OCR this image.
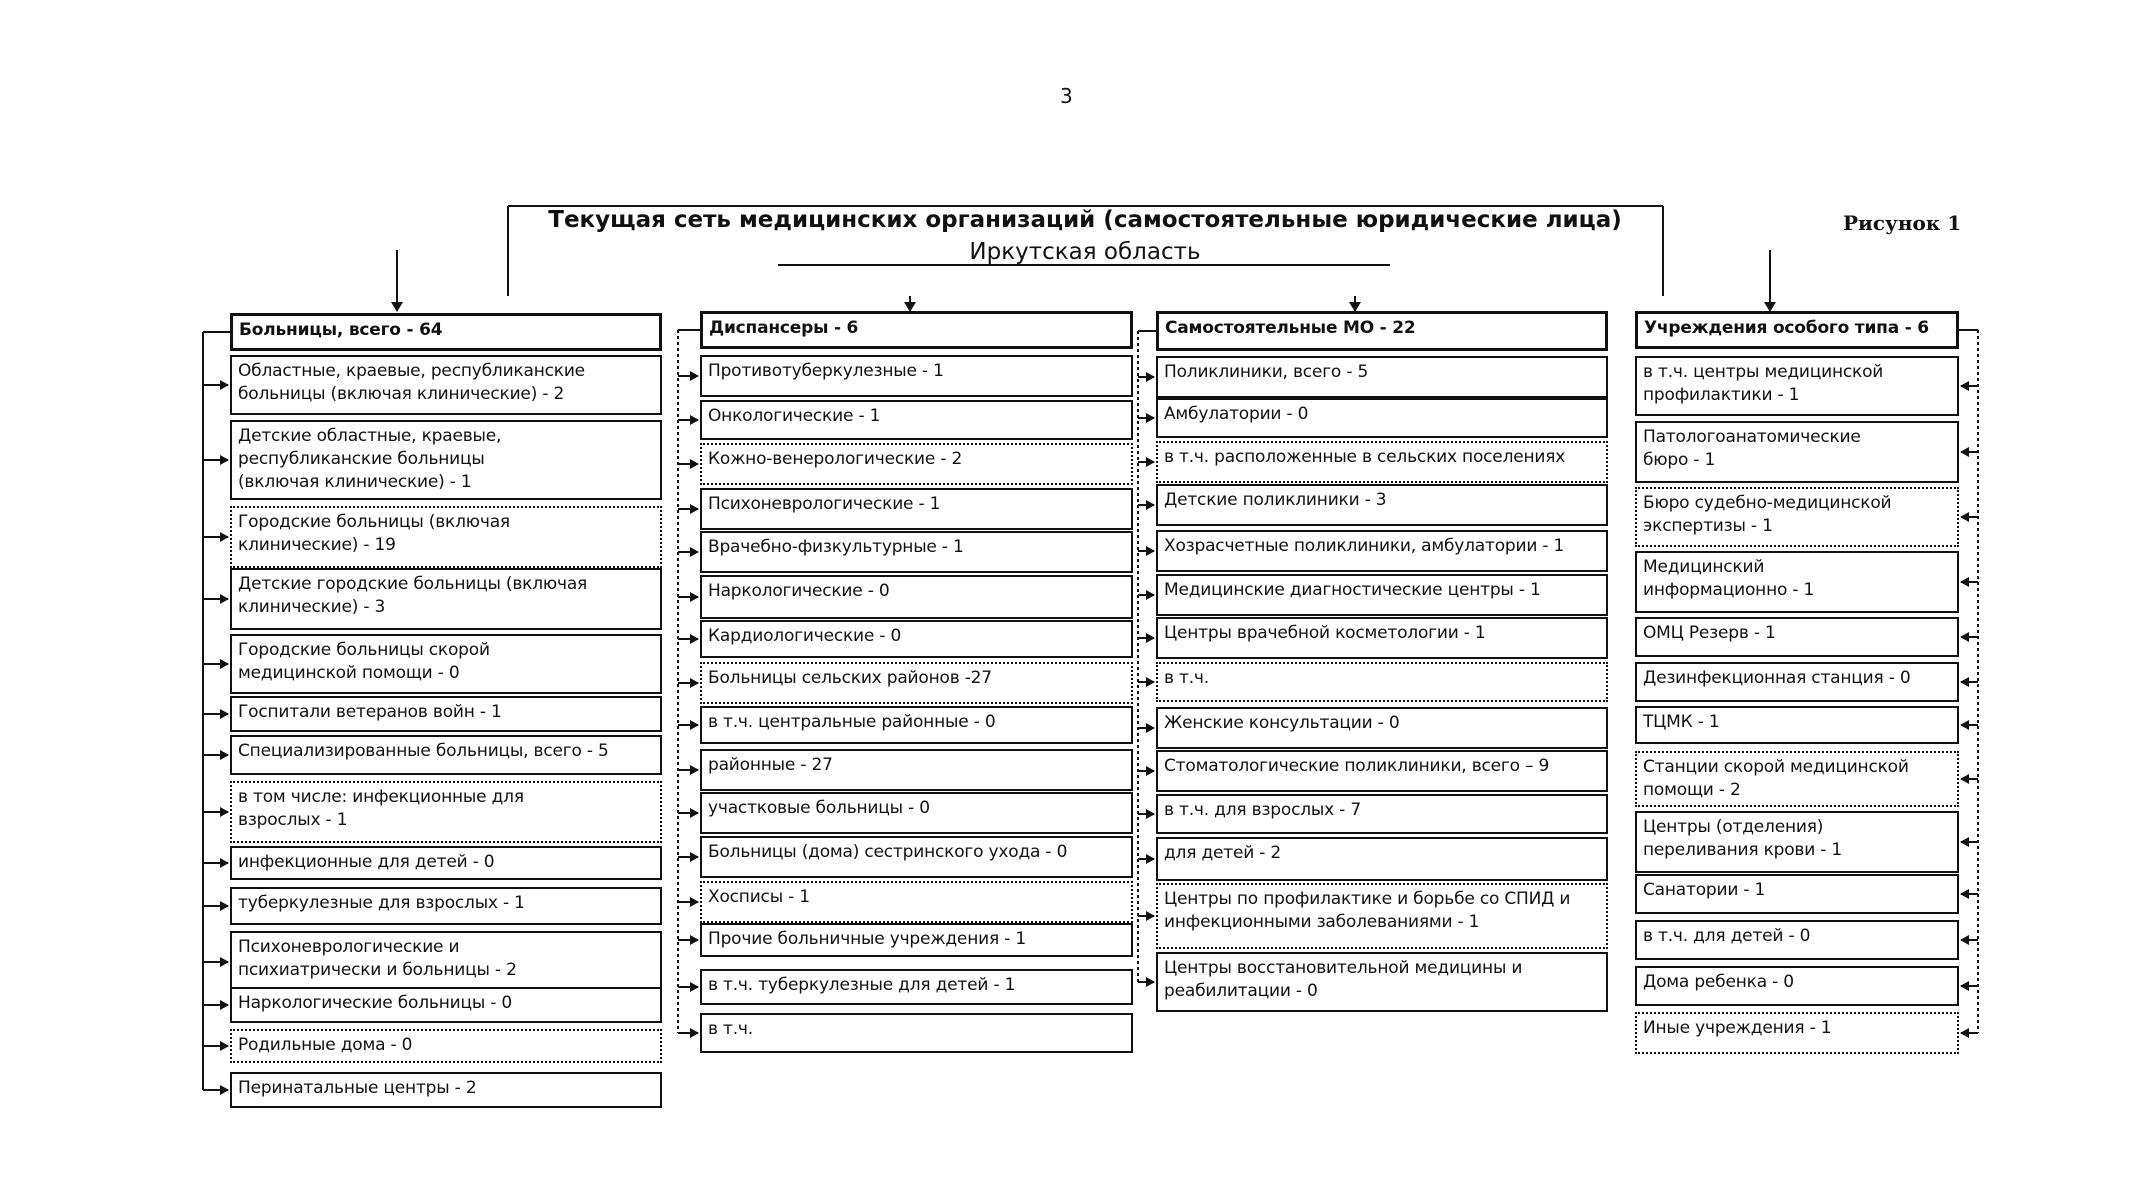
3
Рисунок 1
Текущая сеть медицинских организаций (самостоятельные юридические лица)
Иркутская область
Больницы, всего - 64
Областные, краевые, республиканские
больницы (включая клинические) - 2
Детские областные, краевые,
республиканские больницы
(включая клинические) - 1
Городские больницы (включая
клинические) - 19
Детские городские больницы (включая
клинические) - 3
Городские больницы скорой
медицинской помощи - 0
Госпитали ветеранов войн - 1
Специализированные больницы, всего - 5
в том числе: инфекционные для
взрослых - 1
инфекционные для детей - 0
туберкулезные для взрослых - 1
Психоневрологические и
психиатрически и больницы - 2
Наркологические больницы - 0
Родильные дома - 0
Перинатальные центры - 2
Диспансеры - 6
Противотуберкулезные - 1
Онкологические - 1
Кожно-венерологические - 2
Психоневрологические - 1
Врачебно-физкультурные - 1
Наркологические - 0
Кардиологические - 0
Больницы сельских районов -27
в т.ч. центральные районные - 0
районные - 27
участковые больницы - 0
Больницы (дома) сестринского ухода - 0
Хосписы - 1
Прочие больничные учреждения - 1
в т.ч. туберкулезные для детей - 1
в т.ч.
Самостоятельные МО - 22
Поликлиники, всего - 5
Амбулатории - 0
в т.ч. расположенные в сельских поселениях
Детские поликлиники - 3
Хозрасчетные поликлиники, амбулатории - 1
Медицинские диагностические центры - 1
Центры врачебной косметологии - 1
в т.ч.
Женские консультации - 0
Стоматологические поликлиники, всего – 9
в т.ч. для взрослых - 7
для детей - 2
Центры по профилактике и борьбе со СПИД и
инфекционными заболеваниями - 1
Центры восстановительной медицины и
реабилитации - 0
Учреждения особого типа - 6
в т.ч. центры медицинской
профилактики - 1
Патологоанатомические
бюро - 1
Бюро судебно-медицинской
экспертизы - 1
Медицинский
информационно - 1
ОМЦ Резерв - 1
Дезинфекционная станция - 0
ТЦМК - 1
Станции скорой медицинской
помощи - 2
Центры (отделения)
переливания крови - 1
Санатории - 1
в т.ч. для детей - 0
Дома ребенка - 0
Иные учреждения - 1
